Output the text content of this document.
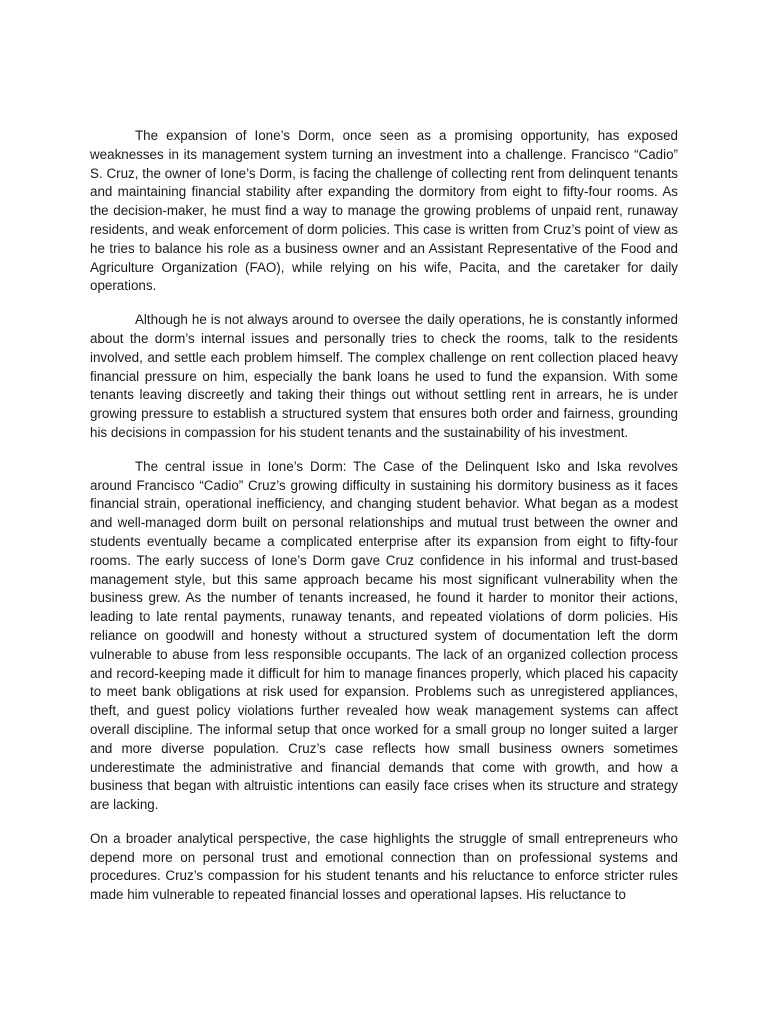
The expansion of Ione’s Dorm, once seen as a promising opportunity, has exposed weaknesses in its management system turning an investment into a challenge. Francisco “Cadio” S. Cruz, the owner of Ione’s Dorm, is facing the challenge of collecting rent from delinquent tenants and maintaining financial stability after expanding the dormitory from eight to fifty-four rooms. As the decision-maker, he must find a way to manage the growing problems of unpaid rent, runaway residents, and weak enforcement of dorm policies. This case is written from Cruz’s point of view as he tries to balance his role as a business owner and an Assistant Representative of the Food and Agriculture Organization (FAO), while relying on his wife, Pacita, and the caretaker for daily operations.

Although he is not always around to oversee the daily operations, he is constantly informed about the dorm’s internal issues and personally tries to check the rooms, talk to the residents involved, and settle each problem himself. The complex challenge on rent collection placed heavy financial pressure on him, especially the bank loans he used to fund the expansion. With some tenants leaving discreetly and taking their things out without settling rent in arrears, he is under growing pressure to establish a structured system that ensures both order and fairness, grounding his decisions in compassion for his student tenants and the sustainability of his investment.

The central issue in Ione’s Dorm: The Case of the Delinquent Isko and Iska revolves around Francisco “Cadio” Cruz’s growing difficulty in sustaining his dormitory business as it faces financial strain, operational inefficiency, and changing student behavior. What began as a modest and well-managed dorm built on personal relationships and mutual trust between the owner and students eventually became a complicated enterprise after its expansion from eight to fifty-four rooms. The early success of Ione’s Dorm gave Cruz confidence in his informal and trust-based management style, but this same approach became his most significant vulnerability when the business grew. As the number of tenants increased, he found it harder to monitor their actions, leading to late rental payments, runaway tenants, and repeated violations of dorm policies. His reliance on goodwill and honesty without a structured system of documentation left the dorm vulnerable to abuse from less responsible occupants. The lack of an organized collection process and record-keeping made it difficult for him to manage finances properly, which placed his capacity to meet bank obligations at risk used for expansion. Problems such as unregistered appliances, theft, and guest policy violations further revealed how weak management systems can affect overall discipline. The informal setup that once worked for a small group no longer suited a larger and more diverse population. Cruz’s case reflects how small business owners sometimes underestimate the administrative and financial demands that come with growth, and how a business that began with altruistic intentions can easily face crises when its structure and strategy are lacking.

On a broader analytical perspective, the case highlights the struggle of small entrepreneurs who depend more on personal trust and emotional connection than on professional systems and procedures. Cruz’s compassion for his student tenants and his reluctance to enforce stricter rules made him vulnerable to repeated financial losses and operational lapses. His reluctance to
